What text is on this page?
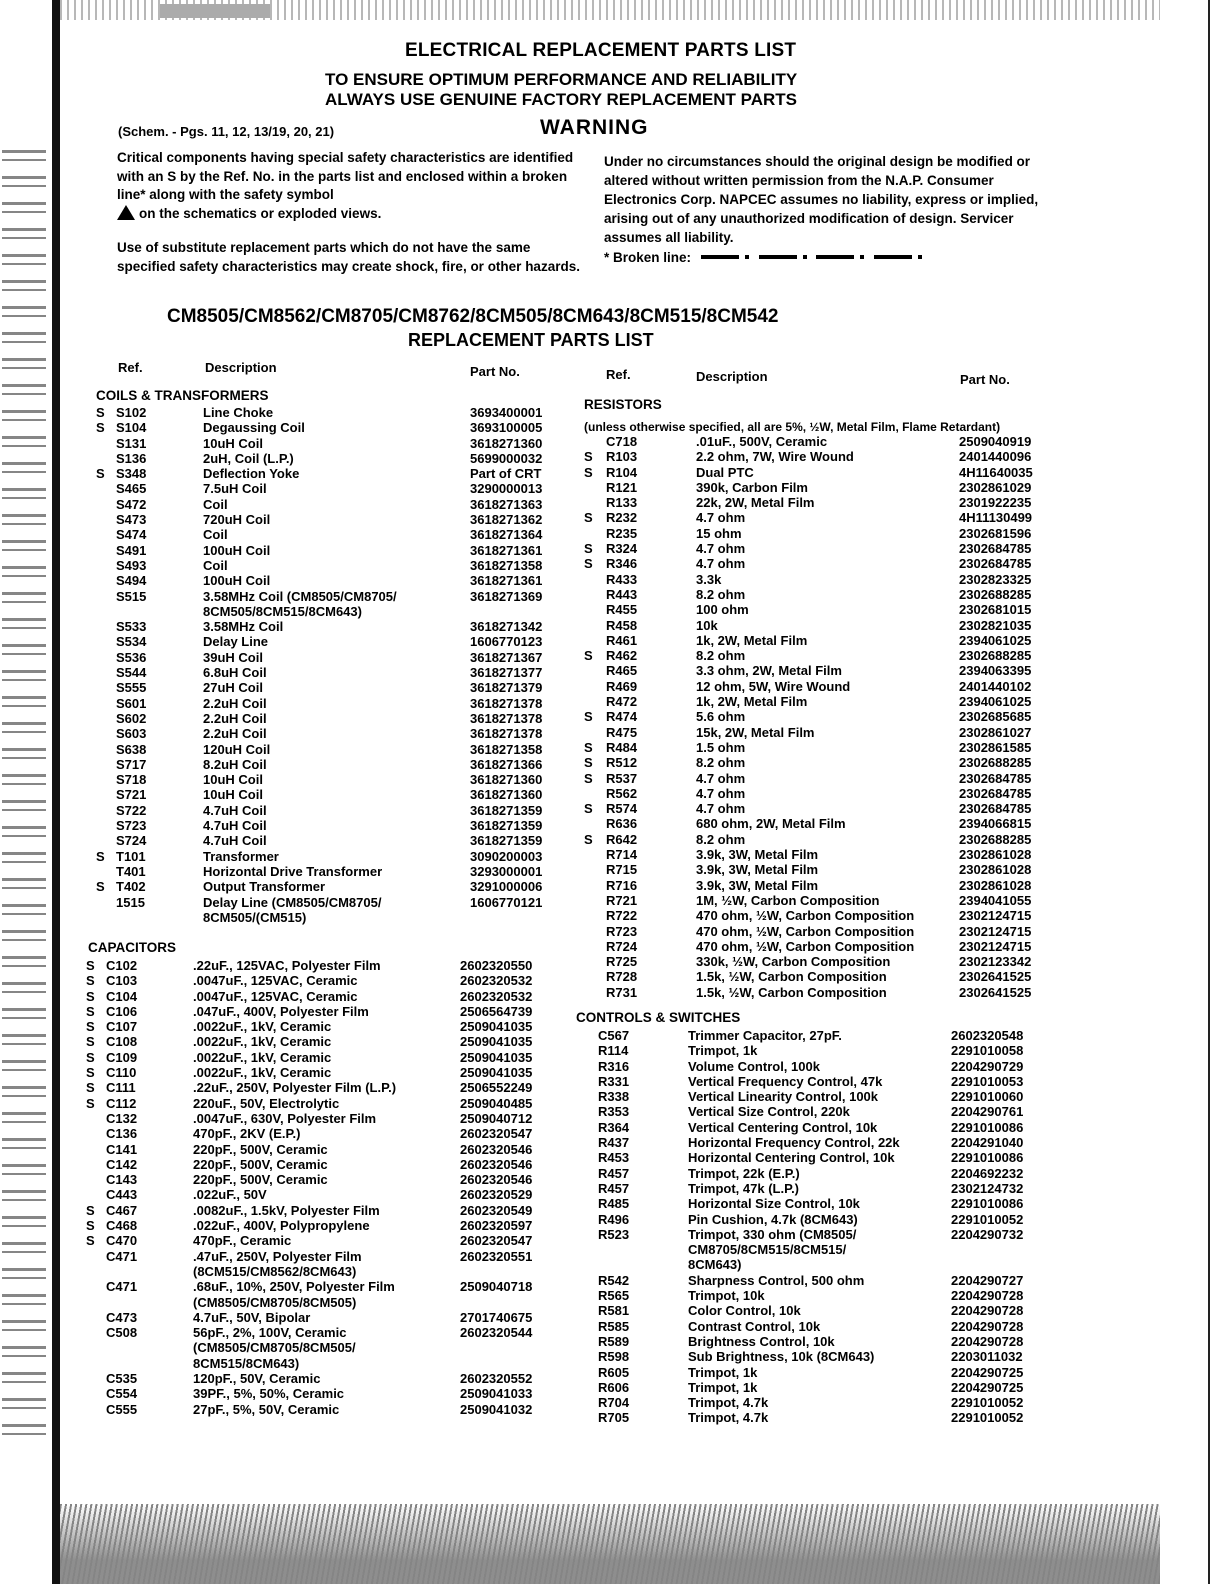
ELECTRICAL REPLACEMENT PARTS LIST
TO ENSURE OPTIMUM PERFORMANCE AND RELIABILITY
ALWAYS USE GENUINE FACTORY REPLACEMENT PARTS
(Schem. - Pgs. 11, 12, 13/19, 20, 21)	WARNING
Critical components having special safety characteristics are identified with an S by the Ref. No. in the parts list and enclosed within a broken line* along with the safety symbol
on the schematics or exploded views.
Use of substitute replacement parts which do not have the same specified safety characteristics may create shock, fire, or other hazards.
Under no circumstances should the original design be modified or altered without written permission from the N.A.P. Consumer Electronics Corp. NAPCEC assumes no liability, express or implied, arising out of any unauthorized modification of design. Servicer assumes all liability.
* Broken line:
CM8505/CM8562/CM8705/CM8762/8CM505/8CM643/8CM515/8CM542
REPLACEMENT PARTS LIST
Ref.	Description	Part No.	Ref.	Description	Part No.
COILS & TRANSFORMERS
S S102	Line Choke	3693400001
S S104	Degaussing Coil	3693100005
S131	10uH Coil	3618271360
S136	2uH, Coil (L.P.)	5699000032
S S348	Deflection Yoke	Part of CRT
S465	7.5uH Coil	3290000013
S472	Coil	3618271363
S473	720uH Coil	3618271362
S474	Coil	3618271364
S491	100uH Coil	3618271361
S493	Coil	3618271358
S494	100uH Coil	3618271361
S515	3.58MHz Coil (CM8505/CM8705/	3618271369
8CM505/8CM515/8CM643)
S533	3.58MHz Coil	3618271342
S534	Delay Line	1606770123
S536	39uH Coil	3618271367
S544	6.8uH Coil	3618271377
S555	27uH Coil	3618271379
S601	2.2uH Coil	3618271378
S602	2.2uH Coil	3618271378
S603	2.2uH Coil	3618271378
S638	120uH Coil	3618271358
S717	8.2uH Coil	3618271366
S718	10uH Coil	3618271360
S721	10uH Coil	3618271360
S722	4.7uH Coil	3618271359
S723	4.7uH Coil	3618271359
S724	4.7uH Coil	3618271359
S T101	Transformer	3090200003
T401	Horizontal Drive Transformer	3293000001
S T402	Output Transformer	3291000006
1515	Delay Line (CM8505/CM8705/	1606770121
8CM505/(CM515)
CAPACITORS
S C102	.22uF., 125VAC, Polyester Film	2602320550
S C103	.0047uF., 125VAC, Ceramic	2602320532
S C104	.0047uF., 125VAC, Ceramic	2602320532
S C106	.047uF., 400V, Polyester Film	2506564739
S C107	.0022uF., 1kV, Ceramic	2509041035
S C108	.0022uF., 1kV, Ceramic	2509041035
S C109	.0022uF., 1kV, Ceramic	2509041035
S C110	.0022uF., 1kV, Ceramic	2509041035
S C111	.22uF., 250V, Polyester Film (L.P.)	2506552249
S C112	220uF., 50V, Electrolytic	2509040485
C132	.0047uF., 630V, Polyester Film	2509040712
C136	470pF., 2KV (E.P.)	2602320547
C141	220pF., 500V, Ceramic	2602320546
C142	220pF., 500V, Ceramic	2602320546
C143	220pF., 500V, Ceramic	2602320546
C443	.022uF., 50V	2602320529
S C467	.0082uF., 1.5kV, Polyester Film	2602320549
S C468	.022uF., 400V, Polypropylene	2602320597
S C470	470pF., Ceramic	2602320547
C471	.47uF., 250V, Polyester Film	2602320551
(8CM515/CM8562/8CM643)
C471	.68uF., 10%, 250V, Polyester Film	2509040718
(CM8505/CM8705/8CM505)
C473	4.7uF., 50V, Bipolar	2701740675
C508	56pF., 2%, 100V, Ceramic	2602320544
(CM8505/CM8705/8CM505/
8CM515/8CM643)
C535	120pF., 50V, Ceramic	2602320552
C554	39PF., 5%, 50%, Ceramic	2509041033
C555	27pF., 5%, 50V, Ceramic	2509041032
RESISTORS
(unless otherwise specified, all are 5%, ½W, Metal Film, Flame Retardant)
C718	.01uF., 500V, Ceramic	2509040919
S R103	2.2 ohm, 7W, Wire Wound	2401440096
S R104	Dual PTC	4H11640035
R121	390k, Carbon Film	2302861029
R133	22k, 2W, Metal Film	2301922235
S R232	4.7 ohm	4H11130499
R235	15 ohm	2302681596
S R324	4.7 ohm	2302684785
S R346	4.7 ohm	2302684785
R433	3.3k	2302823325
R443	8.2 ohm	2302688285
R455	100 ohm	2302681015
R458	10k	2302821035
R461	1k, 2W, Metal Film	2394061025
S R462	8.2 ohm	2302688285
R465	3.3 ohm, 2W, Metal Film	2394063395
R469	12 ohm, 5W, Wire Wound	2401440102
R472	1k, 2W, Metal Film	2394061025
S R474	5.6 ohm	2302685685
R475	15k, 2W, Metal Film	2302861027
S R484	1.5 ohm	2302861585
S R512	8.2 ohm	2302688285
S R537	4.7 ohm	2302684785
R562	4.7 ohm	2302684785
S R574	4.7 ohm	2302684785
R636	680 ohm, 2W, Metal Film	2394066815
S R642	8.2 ohm	2302688285
R714	3.9k, 3W, Metal Film	2302861028
R715	3.9k, 3W, Metal Film	2302861028
R716	3.9k, 3W, Metal Film	2302861028
R721	1M, ½W, Carbon Composition	2394041055
R722	470 ohm, ½W, Carbon Composition	2302124715
R723	470 ohm, ½W, Carbon Composition	2302124715
R724	470 ohm, ½W, Carbon Composition	2302124715
R725	330k, ½W, Carbon Composition	2302123342
R728	1.5k, ½W, Carbon Composition	2302641525
R731	1.5k, ½W, Carbon Composition	2302641525
CONTROLS & SWITCHES
C567	Trimmer Capacitor, 27pF.	2602320548
R114	Trimpot, 1k	2291010058
R316	Volume Control, 100k	2204290729
R331	Vertical Frequency Control, 47k	2291010053
R338	Vertical Linearity Control, 100k	2291010060
R353	Vertical Size Control, 220k	2204290761
R364	Vertical Centering Control, 10k	2291010086
R437	Horizontal Frequency Control, 22k	2204291040
R453	Horizontal Centering Control, 10k	2291010086
R457	Trimpot, 22k (E.P.)	2204692232
R457	Trimpot, 47k (L.P.)	2302124732
R485	Horizontal Size Control, 10k	2291010086
R496	Pin Cushion, 4.7k (8CM643)	2291010052
R523	Trimpot, 330 ohm (CM8505/	2204290732
CM8705/8CM515/8CM515/
8CM643)
R542	Sharpness Control, 500 ohm	2204290727
R565	Trimpot, 10k	2204290728
R581	Color Control, 10k	2204290728
R585	Contrast Control, 10k	2204290728
R589	Brightness Control, 10k	2204290728
R598	Sub Brightness, 10k (8CM643)	2203011032
R605	Trimpot, 1k	2204290725
R606	Trimpot, 1k	2204290725
R704	Trimpot, 4.7k	2291010052
R705	Trimpot, 4.7k	2291010052
